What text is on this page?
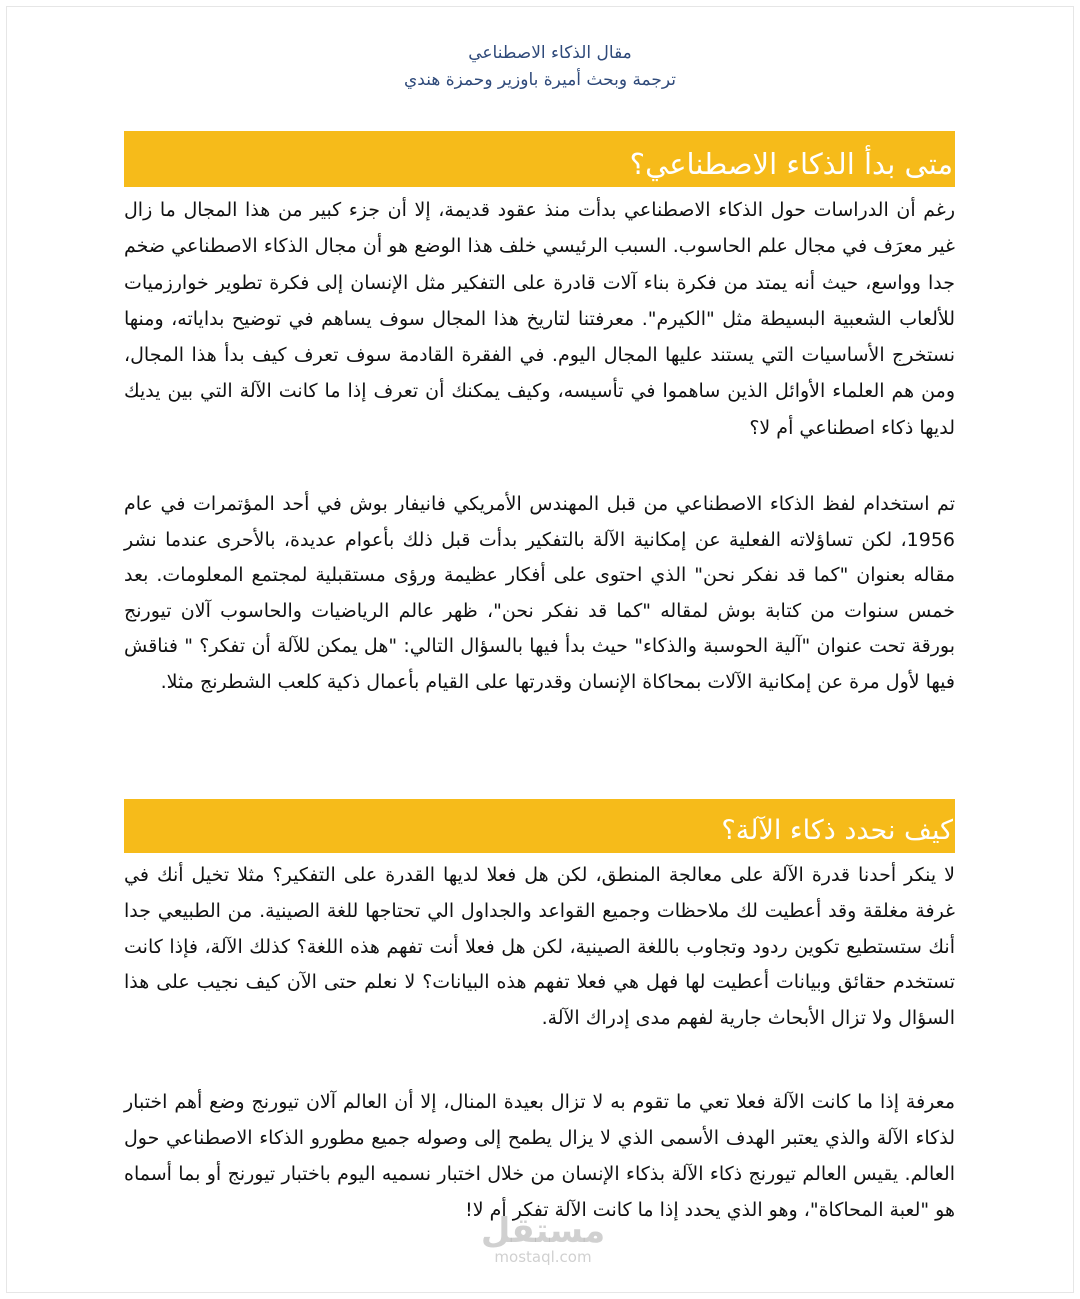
مقال الذكاء الاصطناعي
ترجمة وبحث أميرة باوزير وحمزة هندي
متى بدأ الذكاء الاصطناعي؟

رغم أن الدراسات حول الذكاء الاصطناعي بدأت منذ عقود قديمة، إلا أن جزء كبير من هذا المجال ما زال غير معرَف في مجال علم الحاسوب. السبب الرئيسي خلف هذا الوضع هو أن مجال الذكاء الاصطناعي ضخم جدا وواسع، حيث أنه يمتد من فكرة بناء آلات قادرة على التفكير مثل الإنسان إلى فكرة تطوير خوارزميات للألعاب الشعبية البسيطة مثل "الكيرم". معرفتنا لتاريخ هذا المجال سوف يساهم في توضيح بداياته، ومنها نستخرج الأساسيات التي يستند عليها المجال اليوم. في الفقرة القادمة سوف تعرف كيف بدأ هذا المجال، ومن هم العلماء الأوائل الذين ساهموا في تأسيسه، وكيف يمكنك أن تعرف إذا ما كانت الآلة التي بين يديك لديها ذكاء اصطناعي أم لا؟

تم استخدام لفظ الذكاء الاصطناعي من قبل المهندس الأمريكي فانيفار بوش في أحد المؤتمرات في عام 1956، لكن تساؤلاته الفعلية عن إمكانية الآلة بالتفكير بدأت قبل ذلك بأعوام عديدة، بالأحرى عندما نشر مقاله بعنوان "كما قد نفكر نحن" الذي احتوى على أفكار عظيمة ورؤى مستقبلية لمجتمع المعلومات. بعد خمس سنوات من كتابة بوش لمقاله "كما قد نفكر نحن"، ظهر عالم الرياضيات والحاسوب آلان تيورنج بورقة تحت عنوان "آلية الحوسبة والذكاء" حيث بدأ فيها بالسؤال التالي: "هل يمكن للآلة أن تفكر؟ " فناقش فيها لأول مرة عن إمكانية الآلات بمحاكاة الإنسان وقدرتها على القيام بأعمال ذكية كلعب الشطرنج مثلا.

كيف نحدد ذكاء الآلة؟

لا ينكر أحدنا قدرة الآلة على معالجة المنطق، لكن هل فعلا لديها القدرة على التفكير؟ مثلا تخيل أنك في غرفة مغلقة وقد أعطيت لك ملاحظات وجميع القواعد والجداول الي تحتاجها للغة الصينية. من الطبيعي جدا أنك ستستطيع تكوين ردود وتجاوب باللغة الصينية، لكن هل فعلا أنت تفهم هذه اللغة؟ كذلك الآلة، فإذا كانت تستخدم حقائق وبيانات أعطيت لها فهل هي فعلا تفهم هذه البيانات؟ لا نعلم حتى الآن كيف نجيب على هذا السؤال ولا تزال الأبحاث جارية لفهم مدى إدراك الآلة.

معرفة إذا ما كانت الآلة فعلا تعي ما تقوم به لا تزال بعيدة المنال، إلا أن العالم آلان تيورنج وضع أهم اختبار لذكاء الآلة والذي يعتبر الهدف الأسمى الذي لا يزال يطمح إلى وصوله جميع مطورو الذكاء الاصطناعي حول العالم. يقيس العالم تيورنج ذكاء الآلة بذكاء الإنسان من خلال اختبار نسميه اليوم باختبار تيورنج أو بما أسماه هو "لعبة المحاكاة"، وهو الذي يحدد إذا ما كانت الآلة تفكر أم لا!

مستقل
mostaql.com
